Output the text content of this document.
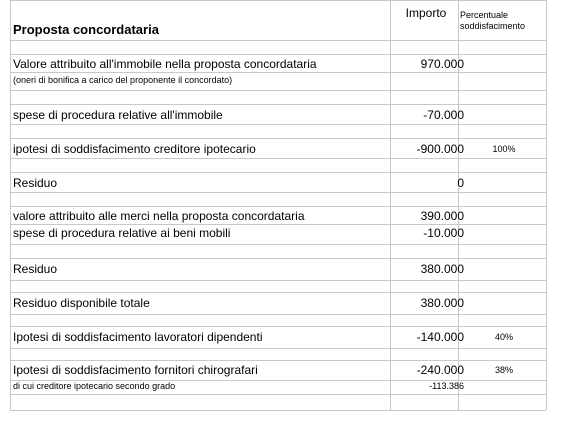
Proposta concordataria
Importo	Percentuale
soddisfacimento
Valore attribuito all'immobile nella proposta concordataria	970.000
(oneri di bonifica a carico del proponente il concordato)
spese di procedura relative all'immobile	-70.000
ipotesi di soddisfacimento creditore ipotecario	-900.000	100%
Residuo	0
valore attribuito alle merci nella proposta concordataria	390.000
spese di procedura relative ai beni mobili	-10.000
Residuo	380.000
Residuo disponibile totale	380.000
Ipotesi di soddisfacimento lavoratori dipendenti	-140.000	40%
Ipotesi di soddisfacimento fornitori chirografari	-240.000	38%
di cui creditore ipotecario secondo grado	-113.386
